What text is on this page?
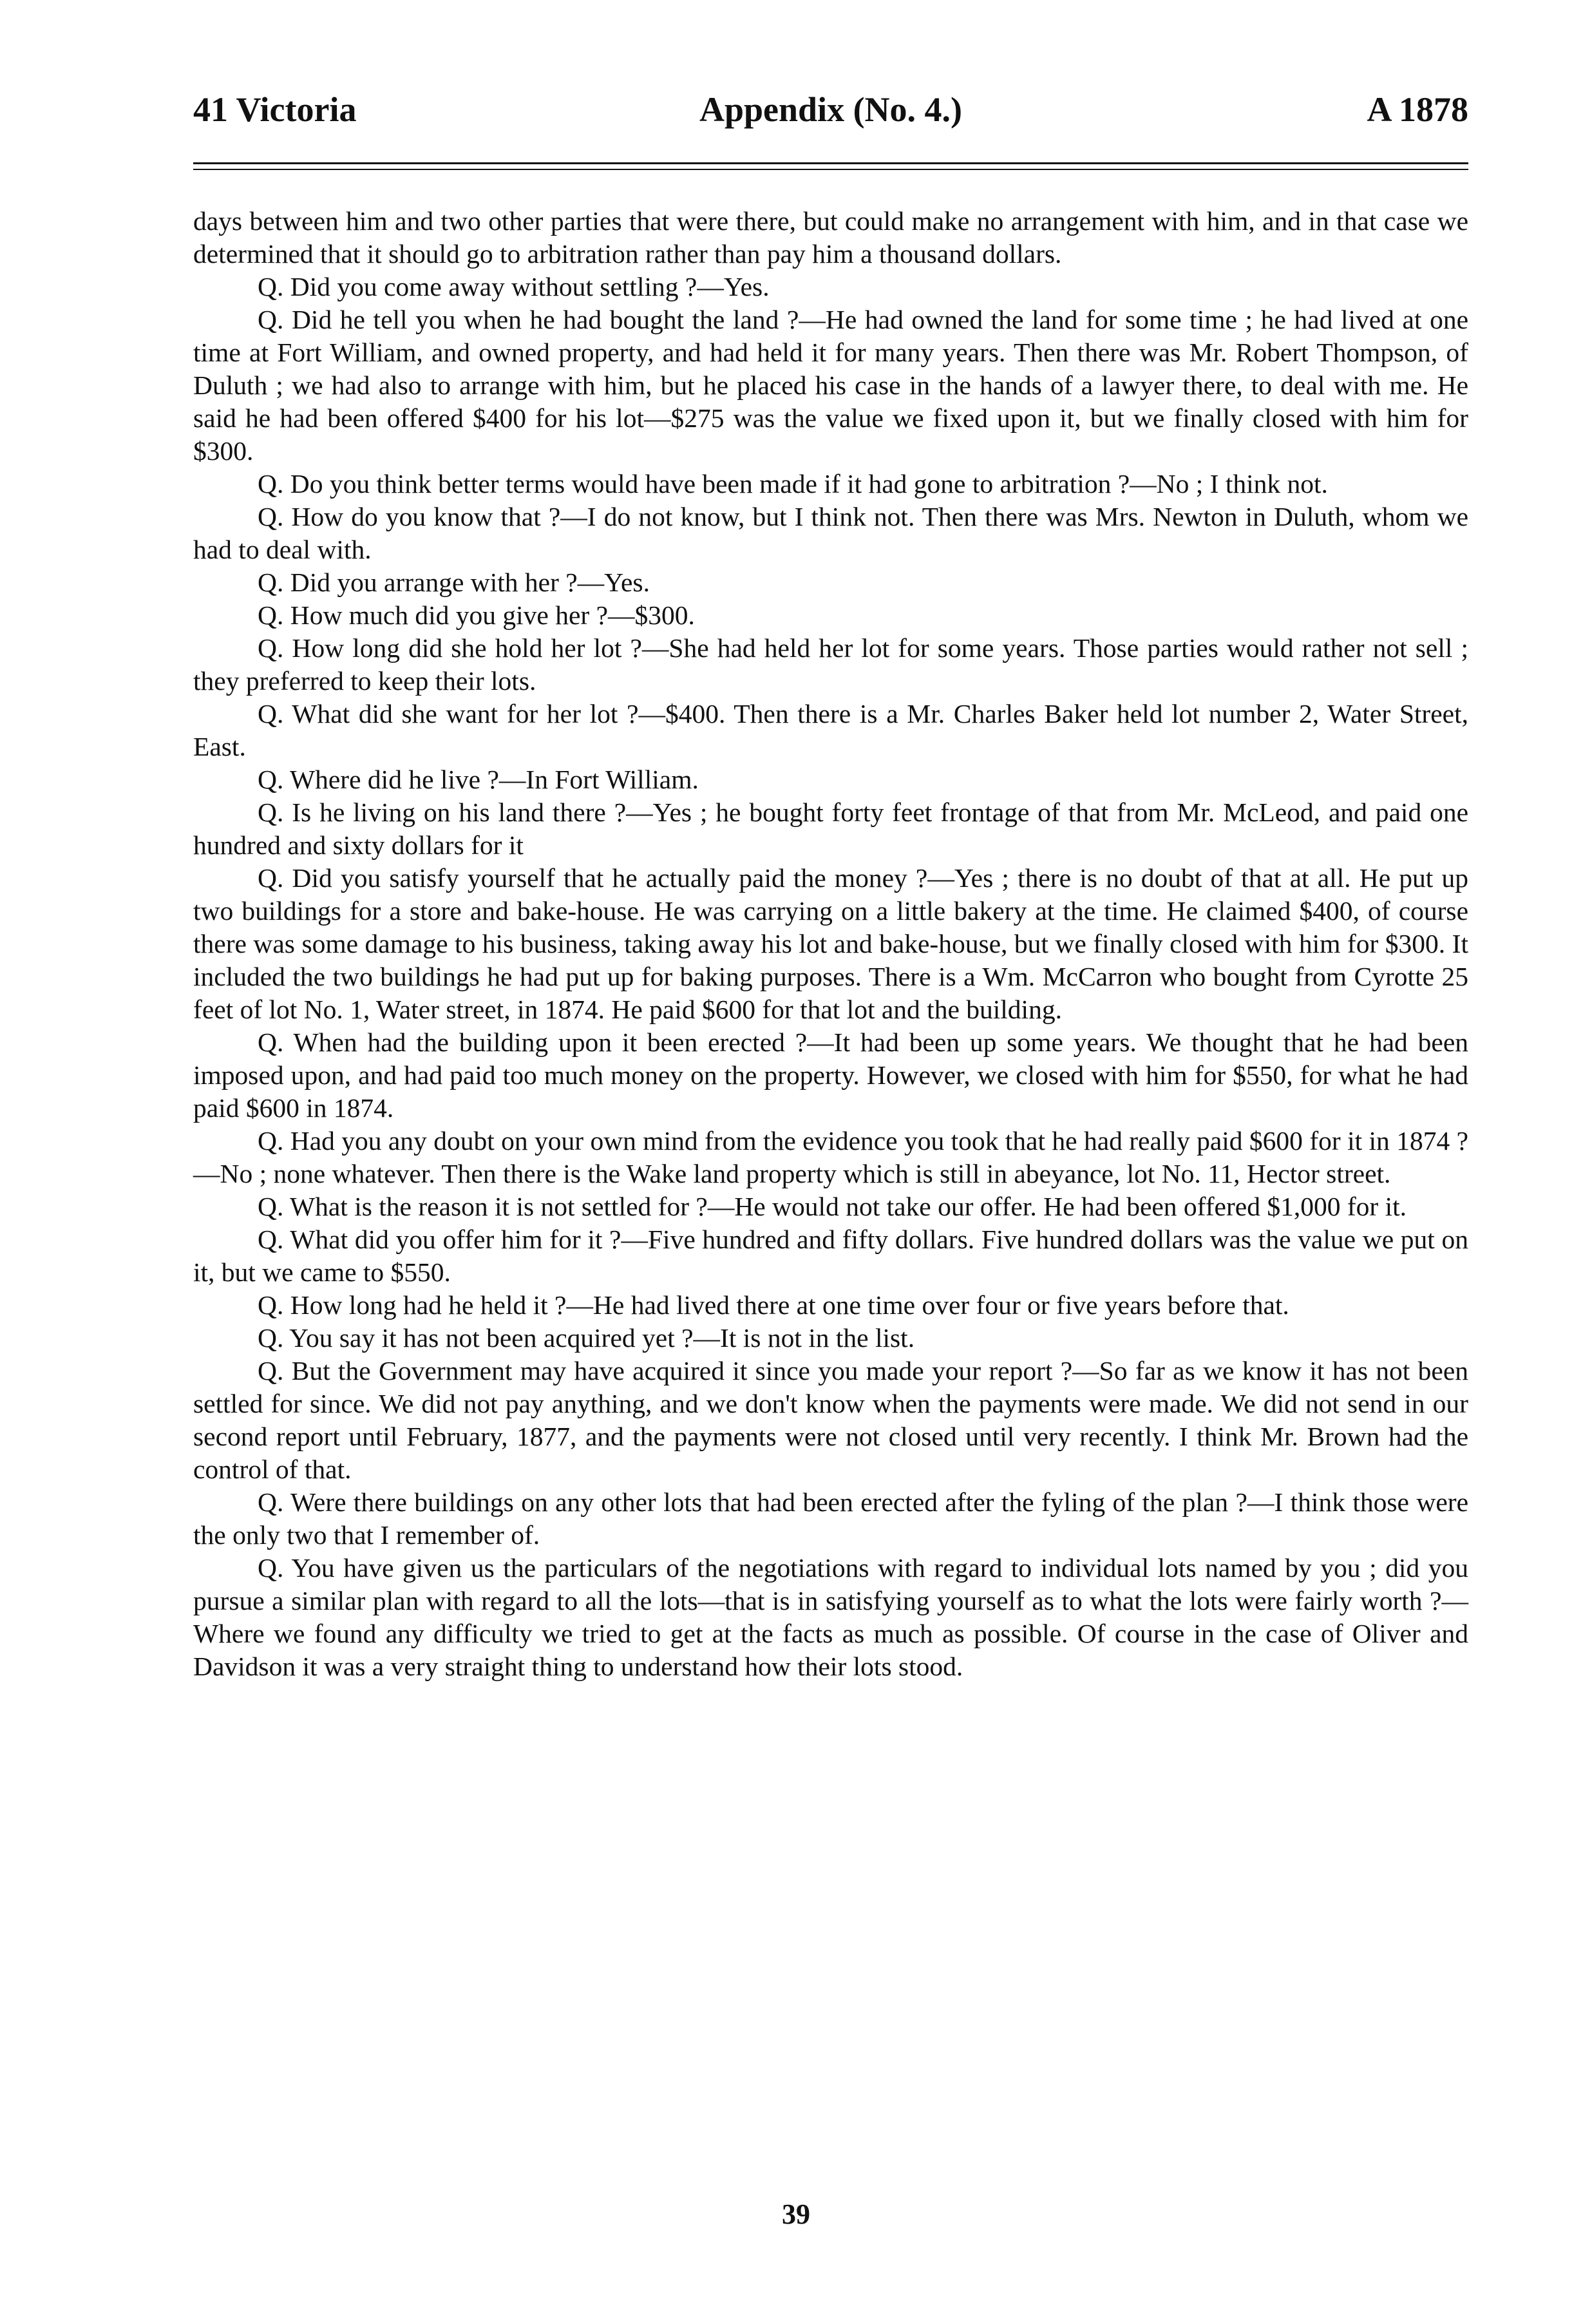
41 Victoria	Appendix (No. 4.)	A 1878

days between him and two other parties that were there, but could make no arrangement with him, and in that case we determined that it should go to arbitration rather than pay him a thousand dollars.

Q. Did you come away without settling ?—Yes.

Q. Did he tell you when he had bought the land ?—He had owned the land for some time ; he had lived at one time at Fort William, and owned property, and had held it for many years. Then there was Mr. Robert Thompson, of Duluth ; we had also to arrange with him, but he placed his case in the hands of a lawyer there, to deal with me. He said he had been offered $400 for his lot—$275 was the value we fixed upon it, but we finally closed with him for $300.

Q. Do you think better terms would have been made if it had gone to arbitration ?—No ; I think not.

Q. How do you know that ?—I do not know, but I think not. Then there was Mrs. Newton in Duluth, whom we had to deal with.

Q. Did you arrange with her ?—Yes.

Q. How much did you give her ?—$300.

Q. How long did she hold her lot ?—She had held her lot for some years. Those parties would rather not sell ; they preferred to keep their lots.

Q. What did she want for her lot ?—$400. Then there is a Mr. Charles Baker held lot number 2, Water Street, East.

Q. Where did he live ?—In Fort William.

Q. Is he living on his land there ?—Yes ; he bought forty feet frontage of that from Mr. McLeod, and paid one hundred and sixty dollars for it

Q. Did you satisfy yourself that he actually paid the money ?—Yes ; there is no doubt of that at all. He put up two buildings for a store and bake-house. He was carrying on a little bakery at the time. He claimed $400, of course there was some damage to his business, taking away his lot and bake-house, but we finally closed with him for $300. It included the two buildings he had put up for baking purposes. There is a Wm. McCarron who bought from Cyrotte 25 feet of lot No. 1, Water street, in 1874. He paid $600 for that lot and the building.

Q. When had the building upon it been erected ?—It had been up some years. We thought that he had been imposed upon, and had paid too much money on the property. However, we closed with him for $550, for what he had paid $600 in 1874.

Q. Had you any doubt on your own mind from the evidence you took that he had really paid $600 for it in 1874 ?—No ; none whatever. Then there is the Wake land property which is still in abeyance, lot No. 11, Hector street.

Q. What is the reason it is not settled for ?—He would not take our offer. He had been offered $1,000 for it.

Q. What did you offer him for it ?—Five hundred and fifty dollars. Five hundred dollars was the value we put on it, but we came to $550.

Q. How long had he held it ?—He had lived there at one time over four or five years before that.

Q. You say it has not been acquired yet ?—It is not in the list.

Q. But the Government may have acquired it since you made your report ?—So far as we know it has not been settled for since. We did not pay anything, and we don't know when the payments were made. We did not send in our second report until February, 1877, and the payments were not closed until very recently. I think Mr. Brown had the control of that.

Q. Were there buildings on any other lots that had been erected after the fyling of the plan ?—I think those were the only two that I remember of.

Q. You have given us the particulars of the negotiations with regard to individual lots named by you ; did you pursue a similar plan with regard to all the lots—that is in satisfying yourself as to what the lots were fairly worth ?—Where we found any difficulty we tried to get at the facts as much as possible. Of course in the case of Oliver and Davidson it was a very straight thing to understand how their lots stood.

39
